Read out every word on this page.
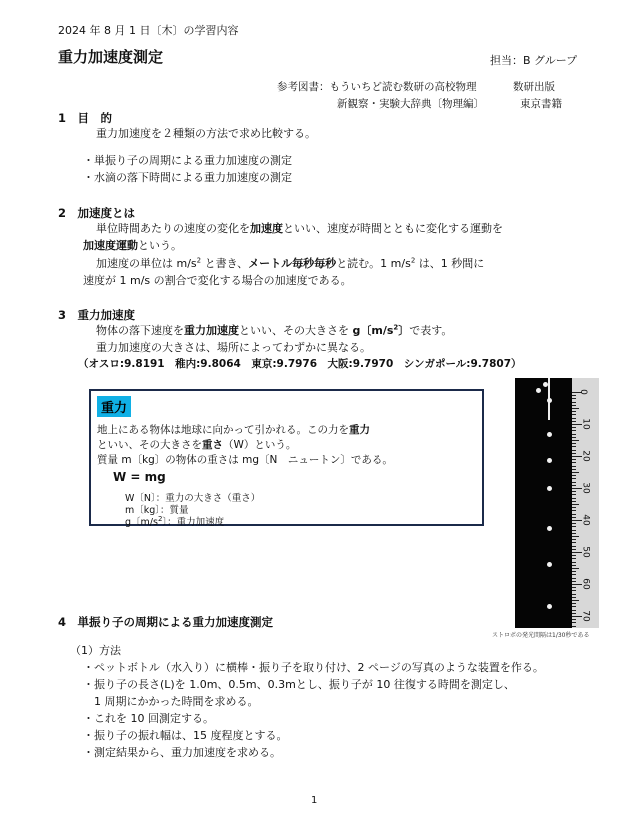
2024 年 8 月 1 日〔木〕の学習内容
重力加速度測定	担当：B グループ
参考図書：もういちど読む数研の高校物理	数研出版
新観察・実験大辞典〔物理編〕	東京書籍
1　目　的
重力加速度を２種類の方法で求め比較する。
・単振り子の周期による重力加速度の測定
・水滴の落下時間による重力加速度の測定
2　加速度とは
単位時間あたりの速度の変化を加速度といい、速度が時間とともに変化する運動を
加速度運動という。
加速度の単位は $m/s^2$ と書き、メートル毎秒毎秒と読む。1 $m/s^2$ は、1 秒間に
速度が 1 m/s の割合で変化する場合の加速度である。
3　重力加速度
物体の落下速度を重力加速度といい、その大きさを g〔$m/s^2$〕で表す。
重力加速度の大きさは、場所によってわずかに異なる。
（オスロ:9.8191　稚内:9.8064　東京:9.7976　大阪:9.7970　シンガポール:9.7807）
重力
地上にある物体は地球に向かって引かれる。この力を重力
といい、その大きさを重さ（W）という。
質量 m〔kg〕の物体の重さは mg〔N　ニュートン〕である。
W = mg
W〔N〕：重力の大きさ（重さ）
m〔kg〕：質量
g〔$m/s^2$〕：重力加速度
0
10
20
30
40
50
60
70
ストロボの発光間隔は1/30秒である
4　単振り子の周期による重力加速度測定
（1）方法
・ペットボトル（水入り）に横棒・振り子を取り付け、2 ページの写真のような装置を作る。
・振り子の長さ(L)を 1.0m、0.5m、0.3mとし、振り子が 10 往復する時間を測定し、
　1 周期にかかった時間を求める。
・これを 10 回測定する。
・振り子の振れ幅は、15 度程度とする。
・測定結果から、重力加速度を求める。
1
